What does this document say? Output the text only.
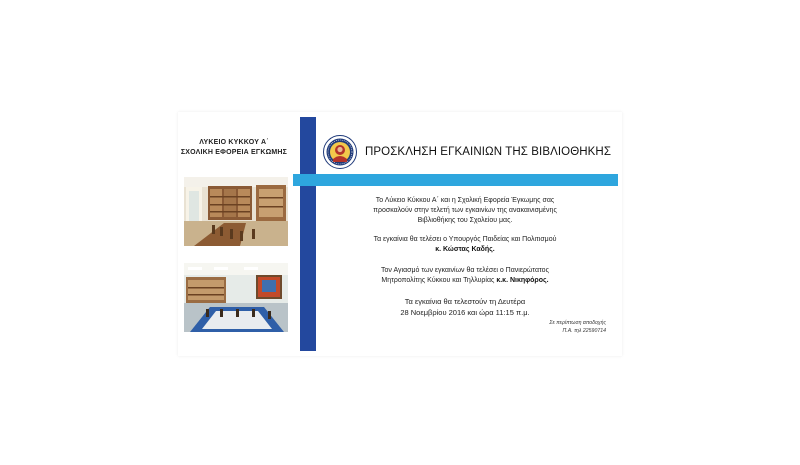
ΛΥΚΕΙΟ ΚΥΚΚΟΥ Α΄
ΣΧΟΛΙΚΗ ΕΦΟΡΕΙΑ ΕΓΚΩΜΗΣ	ΠΡΟΣΚΛΗΣΗ ΕΓΚΑΙΝΙΩΝ ΤΗΣ ΒΙΒΛΙΟΘΗΚΗΣ
Το Λύκειο Κύκκου Α΄ και η Σχολική Εφορεία Έγκωμης σας
προσκαλούν στην τελετή των εγκαινίων της ανακαινισμένης
Βιβλιοθήκης του Σχολείου μας.
Τα εγκαίνια θα τελέσει ο Υπουργός Παιδείας και Πολιτισμού
κ. Κώστας Καδής.
Τον Αγιασμό των εγκαινίων θα τελέσει ο Πανιερώτατος
Μητροπολίτης Κύκκου και Τηλλυρίας κ.κ. Νικηφόρος.
Τα εγκαίνια θα τελεστούν τη Δευτέρα
28 Νοεμβρίου 2016 και ώρα 11:15 π.μ.
Σε περίπτωση αποδοχής
Π.Α. τηλ 22590714
